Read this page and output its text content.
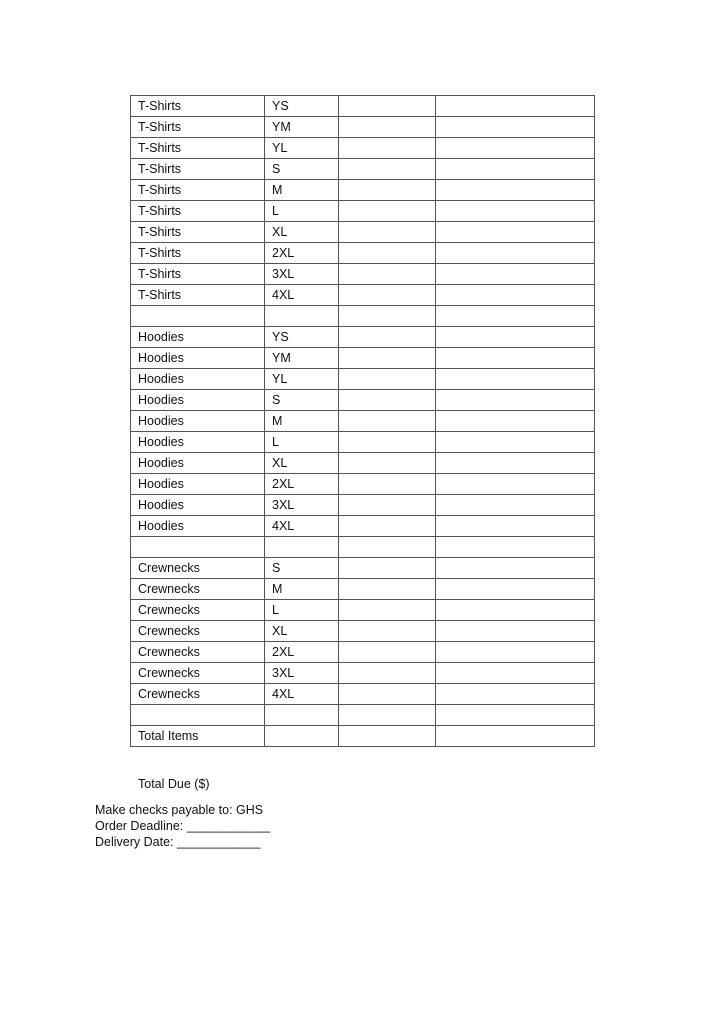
T-Shirts	YS		
T-Shirts	YM		
T-Shirts	YL		
T-Shirts	S		
T-Shirts	M		
T-Shirts	L		
T-Shirts	XL		
T-Shirts	2XL		
T-Shirts	3XL		
T-Shirts	4XL		

Hoodies	YS		
Hoodies	YM		
Hoodies	YL		
Hoodies	S		
Hoodies	M		
Hoodies	L		
Hoodies	XL		
Hoodies	2XL		
Hoodies	3XL		
Hoodies	4XL		

Crewnecks	S		
Crewnecks	M		
Crewnecks	L		
Crewnecks	XL		
Crewnecks	2XL		
Crewnecks	3XL		
Crewnecks	4XL		

Total Items			
Total Due ($)
Make checks payable to: GHS
Order Deadline: ____________
Delivery Date: ____________
